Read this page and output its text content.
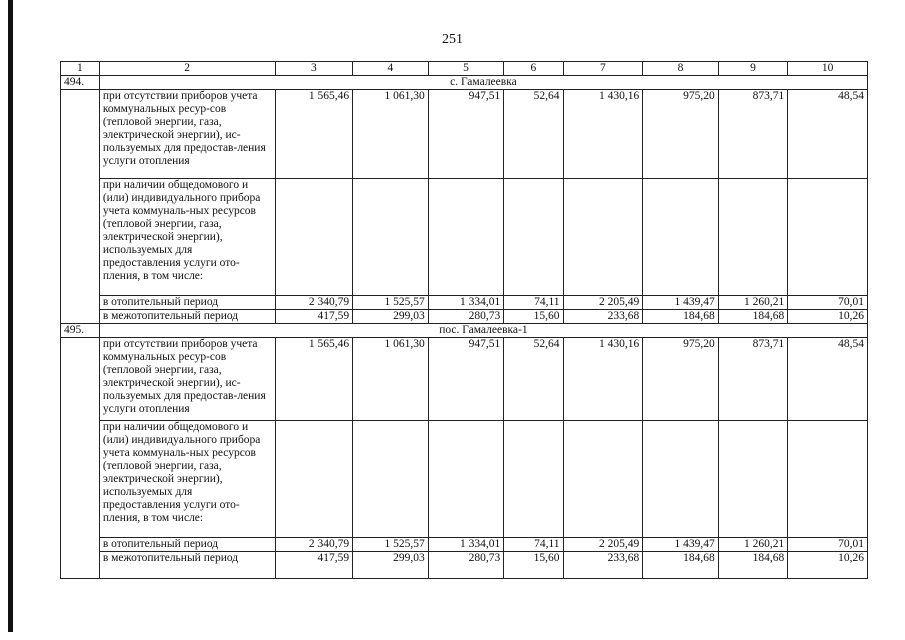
251
1	2	3	4	5	6	7	8	9	10
494.	с. Гамалеевка								
	при отсутствии приборов учета коммунальных ресур-сов (тепловой энергии, газа, электрической энергии), ис-пользуемых для предостав-ления услуги отопления	1 565,46	1 061,30	947,51	52,64	1 430,16	975,20	873,71	48,54
	при наличии общедомового и (или) индивидуального прибора учета коммуналь-ных ресурсов (тепловой энергии, газа, электрической энергии), используемых для предоставления услуги ото-пления, в том числе:								
	в отопительный период	2 340,79	1 525,57	1 334,01	74,11	2 205,49	1 439,47	1 260,21	70,01
	в межотопительный период	417,59	299,03	280,73	15,60	233,68	184,68	184,68	10,26
495.	пос. Гамалеевка-1								
	при отсутствии приборов учета коммунальных ресур-сов (тепловой энергии, газа, электрической энергии), ис-пользуемых для предостав-ления услуги отопления	1 565,46	1 061,30	947,51	52,64	1 430,16	975,20	873,71	48,54
	при наличии общедомового и (или) индивидуального прибора учета коммуналь-ных ресурсов (тепловой энергии, газа, электрической энергии), используемых для предоставления услуги ото-пления, в том числе:								
	в отопительный период	2 340,79	1 525,57	1 334,01	74,11	2 205,49	1 439,47	1 260,21	70,01
	в межотопительный период	417,59	299,03	280,73	15,60	233,68	184,68	184,68	10,26
